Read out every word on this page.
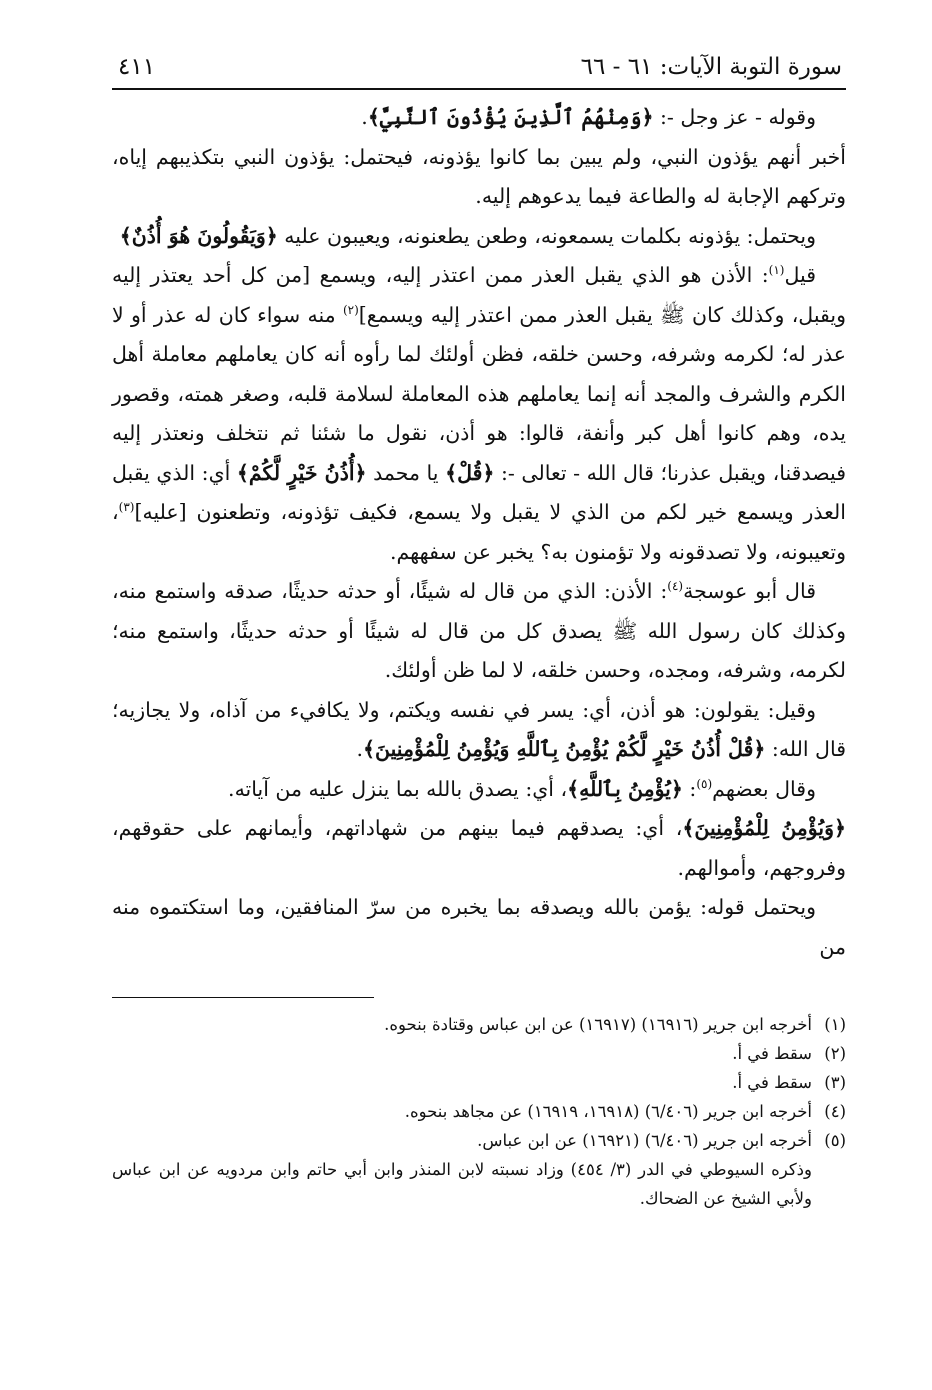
سورة التوبة الآيات: ٦١ - ٦٦
٤١١

وقوله - عز وجل -: ﴿وَمِنْهُمُ ٱلَّذِينَ يُؤْذُونَ ٱلنَّبِيَّ﴾.

أخبر أنهم يؤذون النبي، ولم يبين بما كانوا يؤذونه، فيحتمل: يؤذون النبي بتكذيبهم إياه، وتركهم الإجابة له والطاعة فيما يدعوهم إليه.

ويحتمل: يؤذونه بكلمات يسمعونه، وطعن يطعنونه، ويعيبون عليه ﴿وَيَقُولُونَ هُوَ أُذُنٌ﴾

قيل$^{(١)}$: الأذن هو الذي يقبل العذر ممن اعتذر إليه، ويسمع [من كل أحد يعتذر إليه ويقبل، وكذلك كان ﷺ يقبل العذر ممن اعتذر إليه ويسمع]$^{(٢)}$ منه سواء كان له عذر أو لا عذر له؛ لكرمه وشرفه، وحسن خلقه، فظن أولئك لما رأوه أنه كان يعاملهم معاملة أهل الكرم والشرف والمجد أنه إنما يعاملهم هذه المعاملة لسلامة قلبه، وصغر همته، وقصور يده، وهم كانوا أهل كبر وأنفة، قالوا: هو أذن، نقول ما شئنا ثم نتخلف ونعتذر إليه فيصدقنا، ويقبل عذرنا؛ قال الله - تعالى -: ﴿قُلْ﴾ يا محمد ﴿أُذُنُ خَيْرٍ لَّكُمْ﴾ أي: الذي يقبل العذر ويسمع خير لكم من الذي لا يقبل ولا يسمع، فكيف تؤذونه، وتطعنون [عليه]$^{(٣)}$، وتعيبونه، ولا تصدقونه ولا تؤمنون به؟ يخبر عن سفههم.

قال أبو عوسجة$^{(٤)}$: الأذن: الذي من قال له شيئًا، أو حدثه حديثًا، صدقه واستمع منه، وكذلك كان رسول الله ﷺ يصدق كل من قال له شيئًا أو حدثه حديثًا، واستمع منه؛ لكرمه، وشرفه، ومجده، وحسن خلقه، لا لما ظن أولئك.

وقيل: يقولون: هو أذن، أي: يسر في نفسه ويكتم، ولا يكافيء من آذاه، ولا يجازيه؛ قال الله: ﴿قُلْ أُذُنُ خَيْرٍ لَّكُمْ يُؤْمِنُ بِٱللَّهِ وَيُؤْمِنُ لِلْمُؤْمِنِينَ﴾.

وقال بعضهم$^{(٥)}$: ﴿يُؤْمِنُ بِٱللَّهِ﴾، أي: يصدق بالله بما ينزل عليه من آياته.

﴿وَيُؤْمِنُ لِلْمُؤْمِنِينَ﴾، أي: يصدقهم فيما بينهم من شهاداتهم، وأيمانهم على حقوقهم، وفروجهم، وأموالهم.

ويحتمل قوله: يؤمن بالله ويصدقه بما يخبره من سرّ المنافقين، وما استكتموه منه من

(١)
أخرجه ابن جرير (١٦٩١٦) (١٦٩١٧) عن ابن عباس وقتادة بنحوه.
(٢)
سقط في أ.
(٣)
سقط في أ.
(٤)
أخرجه ابن جرير (٦/٤٠٦) (١٦٩١٨، ١٦٩١٩) عن مجاهد بنحوه.
(٥)
أخرجه ابن جرير (٦/٤٠٦) (١٦٩٢١) عن ابن عباس.
وذكره السيوطي في الدر (٣/ ٤٥٤) وزاد نسبته لابن المنذر وابن أبي حاتم وابن مردويه عن ابن عباس ولأبي الشيخ عن الضحاك.
